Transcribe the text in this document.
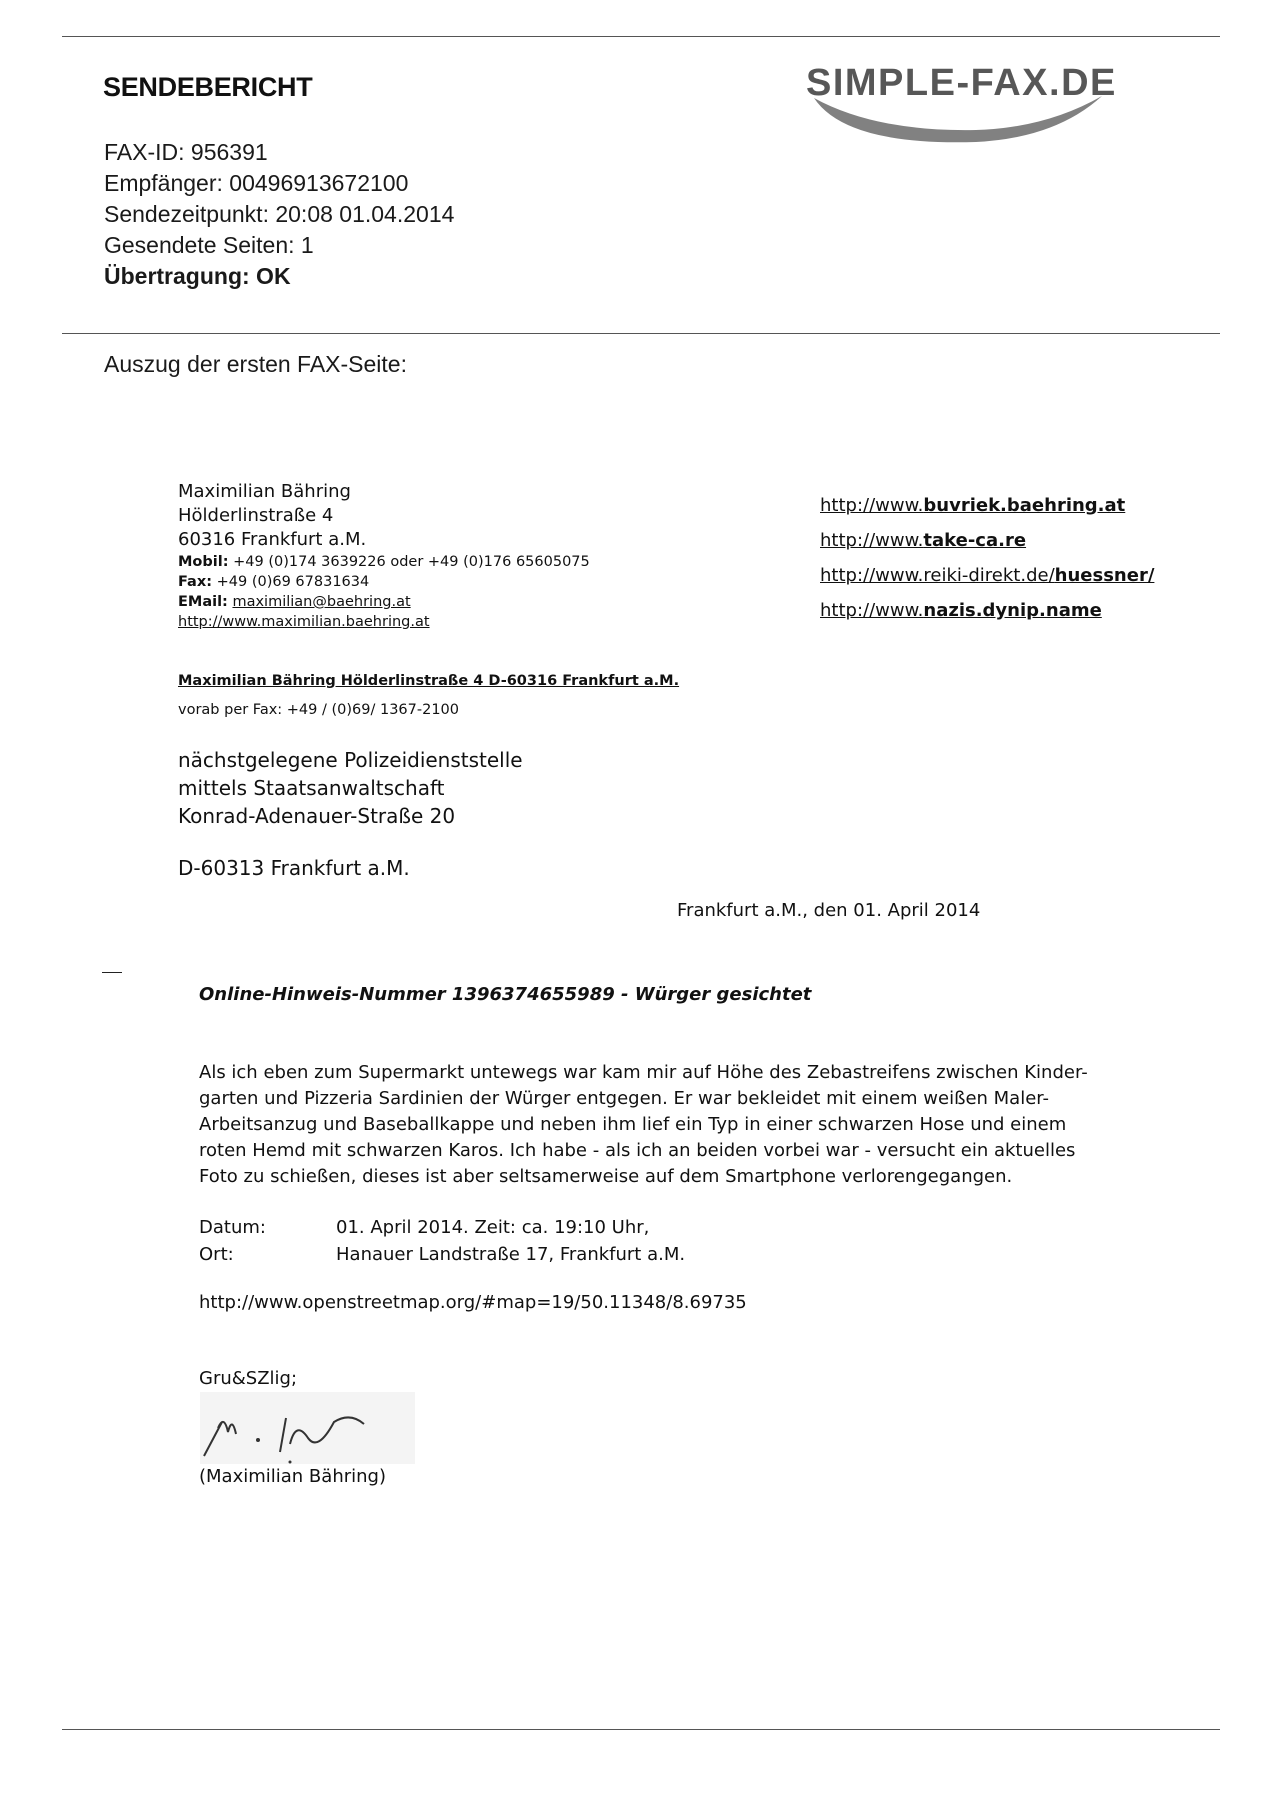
SENDEBERICHT	SIMPLE-FAX.DE
FAX-ID: 956391
Empfänger: 00496913672100
Sendezeitpunkt: 20:08 01.04.2014
Gesendete Seiten: 1
Übertragung: OK
Auszug der ersten FAX-Seite:
Maximilian Bähring
Hölderlinstraße 4
60316 Frankfurt a.M.
Mobil: +49 (0)174 3639226 oder +49 (0)176 65605075
Fax: +49 (0)69 67831634
EMail: maximilian@baehring.at
http://www.maximilian.baehring.at
http://www.buvriek.baehring.at
http://www.take-ca.re
http://www.reiki-direkt.de/huessner/
http://www.nazis.dynip.name
Maximilian Bähring Hölderlinstraße 4 D-60316 Frankfurt a.M.
vorab per Fax: +49 / (0)69/ 1367-2100
nächstgelegene Polizeidienststelle
mittels Staatsanwaltschaft
Konrad-Adenauer-Straße 20
D-60313 Frankfurt a.M.
Frankfurt a.M., den 01. April 2014
Online-Hinweis-Nummer 1396374655989 - Würger gesichtet
Als ich eben zum Supermarkt untewegs war kam mir auf Höhe des Zebastreifens zwischen Kinder-
garten und Pizzeria Sardinien der Würger entgegen. Er war bekleidet mit einem weißen Maler-
Arbeitsanzug und Baseballkappe und neben ihm lief ein Typ in einer schwarzen Hose und einem
roten Hemd mit schwarzen Karos. Ich habe - als ich an beiden vorbei war - versucht ein aktuelles
Foto zu schießen, dieses ist aber seltsamerweise auf dem Smartphone verlorengegangen.
Datum:	01. April 2014. Zeit: ca. 19:10 Uhr,
Ort:	Hanauer Landstraße 17, Frankfurt a.M.
http://www.openstreetmap.org/#map=19/50.11348/8.69735
Gru&SZlig;
(Maximilian Bähring)
